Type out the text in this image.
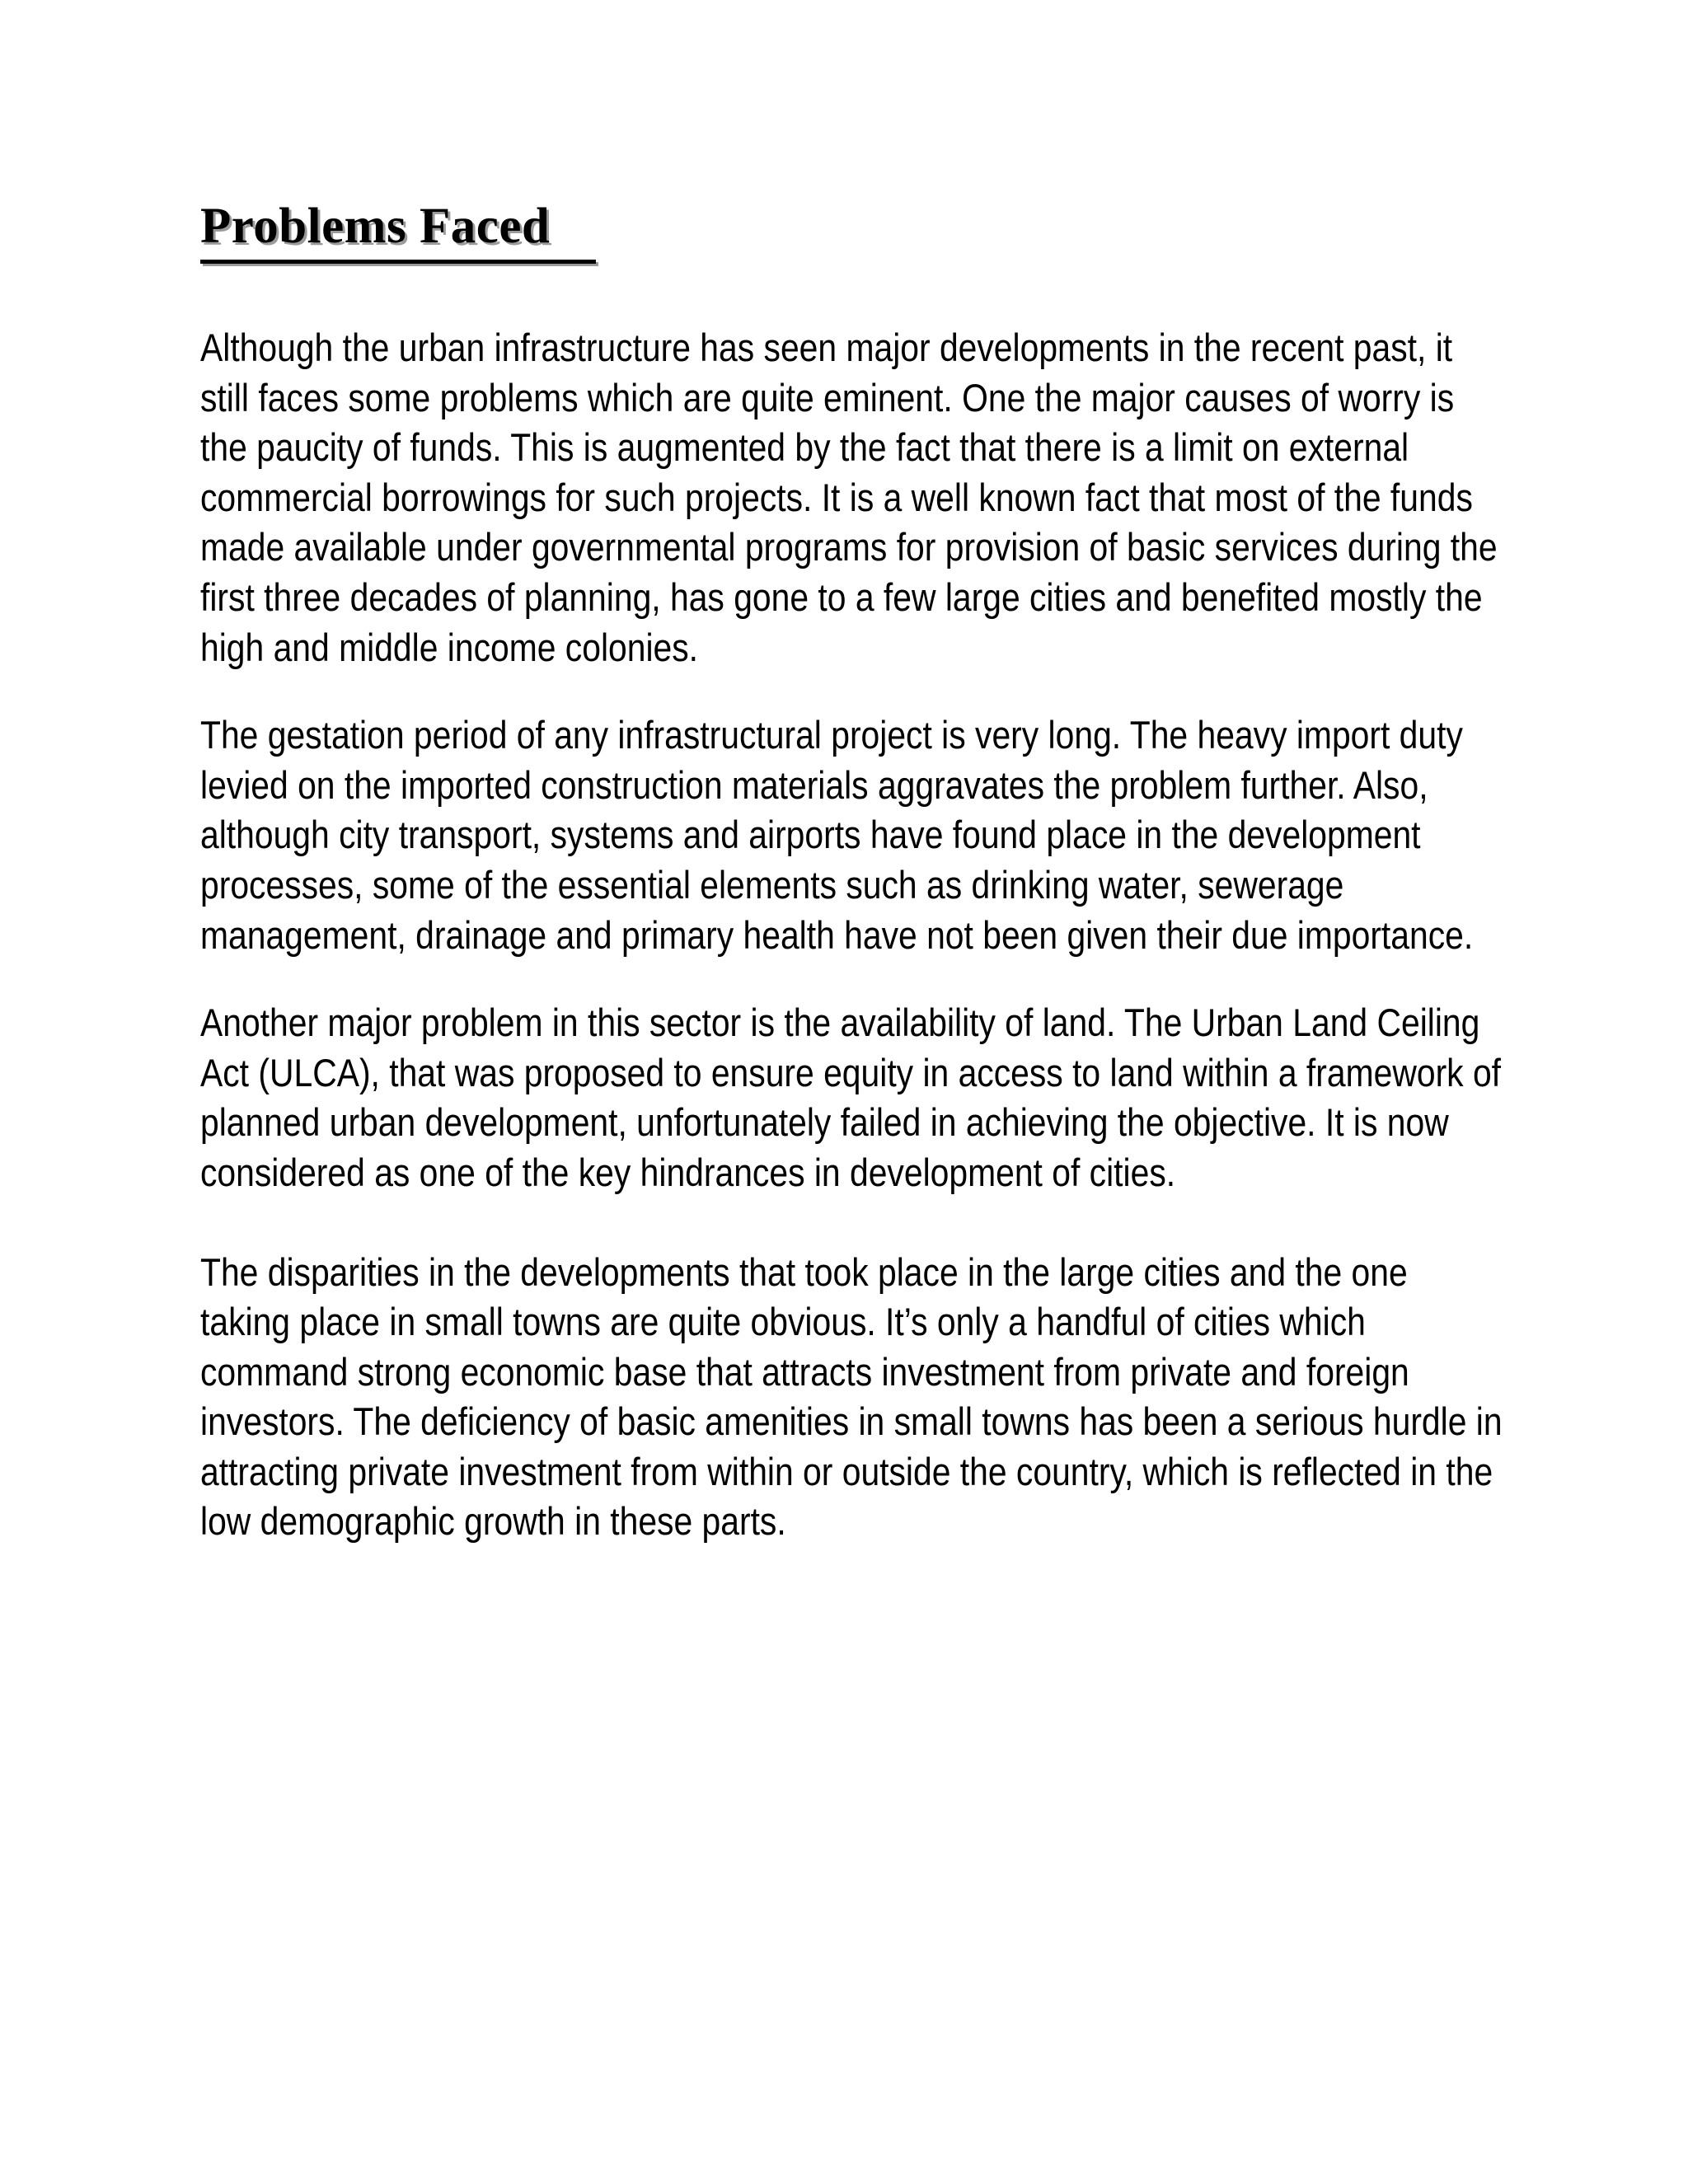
Problems Faced

Although the urban infrastructure has seen major developments in the recent past, it still faces some problems which are quite eminent. One the major causes of worry is the paucity of funds. This is augmented by the fact that there is a limit on external commercial borrowings for such projects. It is a well known fact that most of the funds made available under governmental programs for provision of basic services during the first three decades of planning, has gone to a few large cities and benefited mostly the high and middle income colonies.

The gestation period of any infrastructural project is very long. The heavy import duty levied on the imported construction materials aggravates the problem further. Also, although city transport, systems and airports have found place in the development processes, some of the essential elements such as drinking water, sewerage management, drainage and primary health have not been given their due importance.

Another major problem in this sector is the availability of land. The Urban Land Ceiling Act (ULCA), that was proposed to ensure equity in access to land within a framework of planned urban development, unfortunately failed in achieving the objective. It is now considered as one of the key hindrances in development of cities.

The disparities in the developments that took place in the large cities and the one taking place in small towns are quite obvious. It’s only a handful of cities which command strong economic base that attracts investment from private and foreign investors. The deficiency of basic amenities in small towns has been a serious hurdle in attracting private investment from within or outside the country, which is reflected in the low demographic growth in these parts.
